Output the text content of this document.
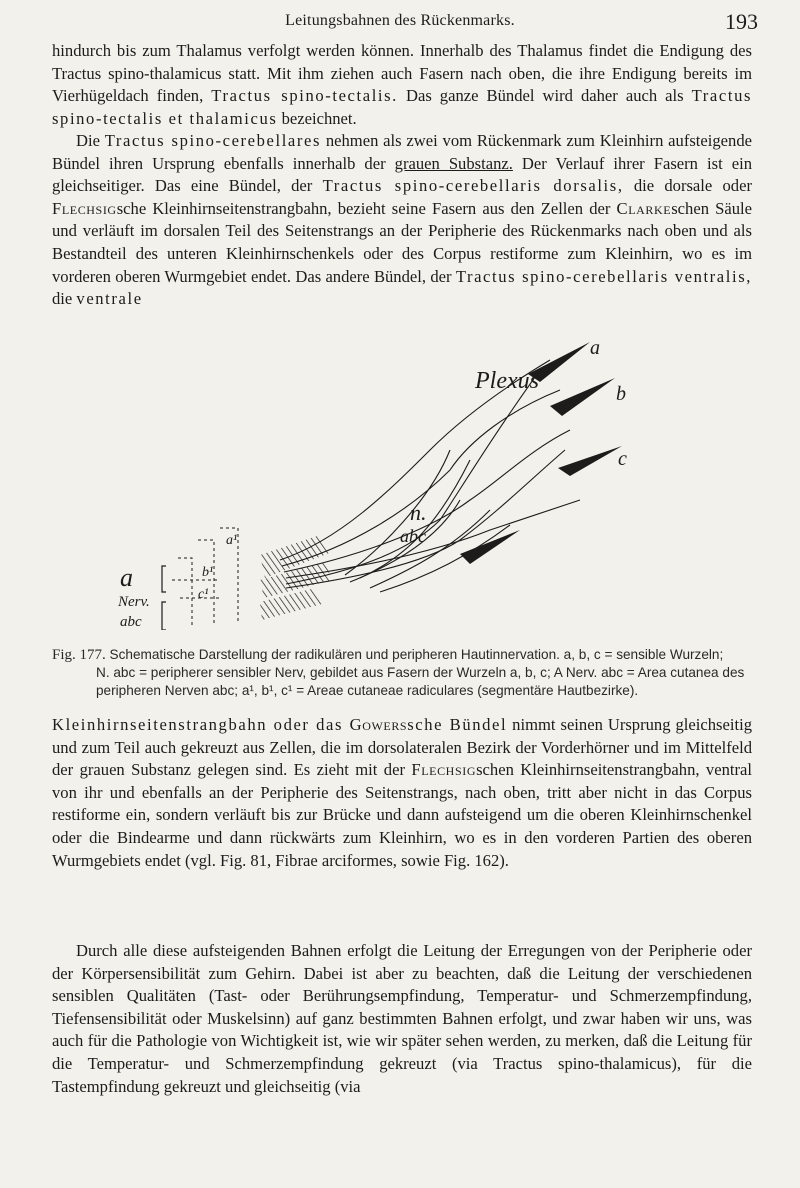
Leitungsbahnen des Rückenmarks.	193

hindurch bis zum Thalamus verfolgt werden können. Innerhalb des Thalamus findet die Endigung des Tractus spino-thalamicus statt. Mit ihm ziehen auch Fasern nach oben, die ihre Endigung bereits im Vierhügeldach finden, Tractus spino-tectalis. Das ganze Bündel wird daher auch als Tractus spino-tectalis et thalamicus bezeichnet.

Die Tractus spino-cerebellares nehmen als zwei vom Rückenmark zum Kleinhirn aufsteigende Bündel ihren Ursprung ebenfalls innerhalb der grauen Substanz. Der Verlauf ihrer Fasern ist ein gleichseitiger. Das eine Bündel, der Tractus spino-cerebellaris dorsalis, die dorsale oder Flechsigsche Kleinhirnseitenstrangbahn, bezieht seine Fasern aus den Zellen der Clarkeschen Säule und verläuft im dorsalen Teil des Seitenstrangs an der Peripherie des Rückenmarks nach oben und als Bestandteil des unteren Kleinhirnschenkels oder des Corpus restiforme zum Kleinhirn, wo es im vorderen oberen Wurmgebiet endet. Das andere Bündel, der Tractus spino-cerebellaris ventralis, die ventrale

Plexus
a
b
c
n.
abc
a
Nerv.
abc
a¹
b¹
c¹

Fig. 177. Schematische Darstellung der radikulären und peripheren Hautinnervation. a, b, c = sensible Wurzeln;

N. abc = peripherer sensibler Nerv, gebildet aus Fasern der Wurzeln a, b, c; A Nerv. abc = Area cutanea des
peripheren Nerven abc; a¹, b¹, c¹ = Areae cutaneae radiculares (segmentäre Hautbezirke).

Kleinhirnseitenstrangbahn oder das Gowerssche Bündel nimmt seinen Ursprung gleichseitig und zum Teil auch gekreuzt aus Zellen, die im dorsolateralen Bezirk der Vorderhörner und im Mittelfeld der grauen Substanz gelegen sind. Es zieht mit der Flechsigschen Kleinhirnseitenstrangbahn, ventral von ihr und ebenfalls an der Peripherie des Seitenstrangs, nach oben, tritt aber nicht in das Corpus restiforme ein, sondern verläuft bis zur Brücke und dann aufsteigend um die oberen Kleinhirnschenkel oder die Bindearme und dann rückwärts zum Kleinhirn, wo es in den vorderen Partien des oberen Wurmgebiets endet (vgl. Fig. 81, Fibrae arciformes, sowie Fig. 162).

Durch alle diese aufsteigenden Bahnen erfolgt die Leitung der Erregungen von der Peripherie oder der Körpersensibilität zum Gehirn. Dabei ist aber zu beachten, daß die Leitung der verschiedenen sensiblen Qualitäten (Tast- oder Berührungsempfindung, Temperatur- und Schmerzempfindung, Tiefensensibilität oder Muskelsinn) auf ganz bestimmten Bahnen erfolgt, und zwar haben wir uns, was auch für die Pathologie von Wichtigkeit ist, wie wir später sehen werden, zu merken, daß die Leitung für die Temperatur- und Schmerzempfindung gekreuzt (via Tractus spino-thalamicus), für die Tastempfindung gekreuzt und gleichseitig (via
